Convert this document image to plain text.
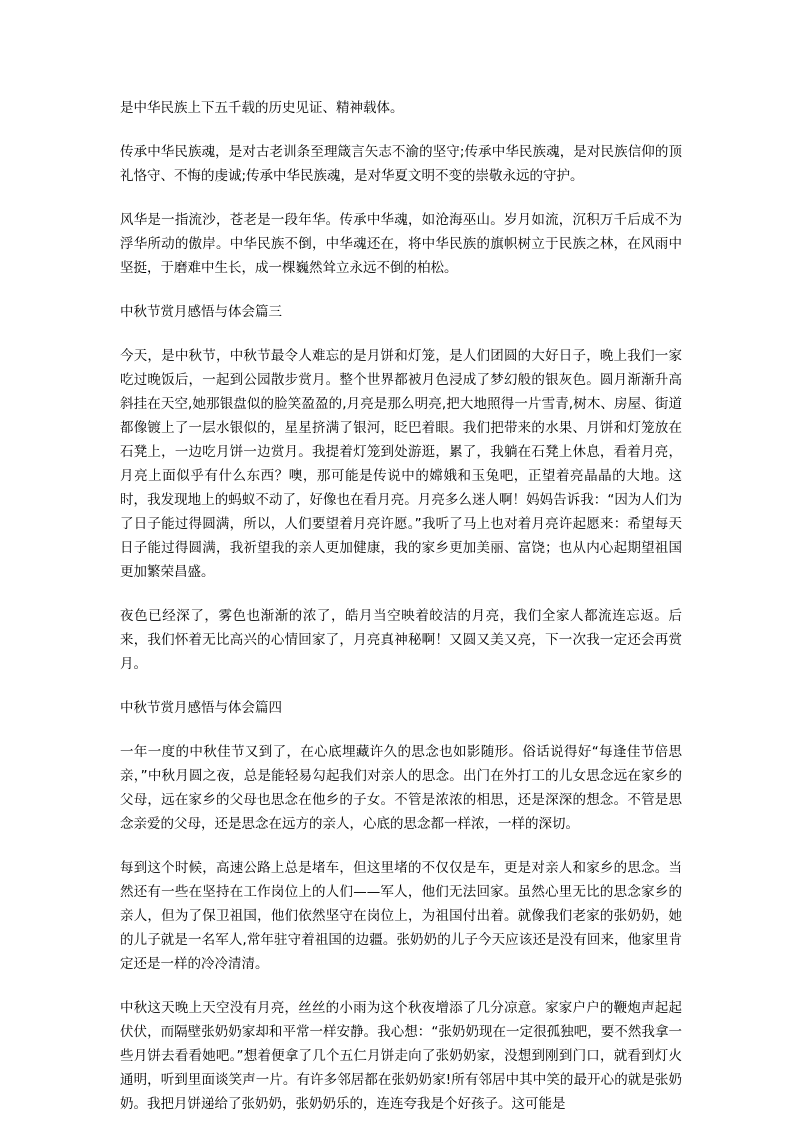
是中华民族上下五千载的历史见证、精神载体。

传承中华民族魂，是对古老训条至理箴言矢志不渝的坚守;传承中华民族魂，是对民族信仰的顶礼恪守、不悔的虔诚;传承中华民族魂，是对华夏文明不变的崇敬永远的守护。

风华是一指流沙，苍老是一段年华。传承中华魂，如沧海巫山。岁月如流，沉积万千后成不为浮华所动的傲岸。中华民族不倒，中华魂还在，将中华民族的旗帜树立于民族之林，在风雨中坚挺，于磨难中生长，成一棵巍然耸立永远不倒的柏松。

中秋节赏月感悟与体会篇三

今天，是中秋节，中秋节最令人难忘的是月饼和灯笼，是人们团圆的大好日子，晚上我们一家吃过晚饭后，一起到公园散步赏月。整个世界都被月色浸成了梦幻般的银灰色。圆月渐渐升高斜挂在天空,她那银盘似的脸笑盈盈的,月亮是那么明亮,把大地照得一片雪青,树木、房屋、街道都像镀上了一层水银似的，星星挤满了银河，眨巴着眼。我们把带来的水果、月饼和灯笼放在石凳上，一边吃月饼一边赏月。我提着灯笼到处游逛，累了，我躺在石凳上休息，看着月亮，月亮上面似乎有什么东西？噢，那可能是传说中的嫦娥和玉兔吧，正望着亮晶晶的大地。这时，我发现地上的蚂蚁不动了，好像也在看月亮。月亮多么迷人啊！妈妈告诉我：“因为人们为了日子能过得圆满，所以，人们要望着月亮许愿。”我听了马上也对着月亮许起愿来：希望每天日子能过得圆满，我祈望我的亲人更加健康，我的家乡更加美丽、富饶；也从内心起期望祖国更加繁荣昌盛。

夜色已经深了，雾色也渐渐的浓了，皓月当空映着皎洁的月亮，我们全家人都流连忘返。后来，我们怀着无比高兴的心情回家了，月亮真神秘啊！又圆又美又亮，下一次我一定还会再赏月。

中秋节赏月感悟与体会篇四

一年一度的中秋佳节又到了，在心底埋藏许久的思念也如影随形。俗话说得好“每逢佳节倍思亲，”中秋月圆之夜，总是能轻易勾起我们对亲人的思念。出门在外打工的儿女思念远在家乡的父母，远在家乡的父母也思念在他乡的子女。不管是浓浓的相思，还是深深的想念。不管是思念亲爱的父母，还是思念在远方的亲人，心底的思念都一样浓，一样的深切。

每到这个时候，高速公路上总是堵车，但这里堵的不仅仅是车，更是对亲人和家乡的思念。当然还有一些在坚持在工作岗位上的人们——军人，他们无法回家。虽然心里无比的思念家乡的亲人，但为了保卫祖国，他们依然坚守在岗位上，为祖国付出着。就像我们老家的张奶奶，她的儿子就是一名军人,常年驻守着祖国的边疆。张奶奶的儿子今天应该还是没有回来，他家里肯定还是一样的冷冷清清。

中秋这天晚上天空没有月亮，丝丝的小雨为这个秋夜增添了几分凉意。家家户户的鞭炮声起起伏伏，而隔壁张奶奶家却和平常一样安静。我心想：“张奶奶现在一定很孤独吧，要不然我拿一些月饼去看看她吧。”想着便拿了几个五仁月饼走向了张奶奶家，没想到刚到门口，就看到灯火通明，听到里面谈笑声一片。有许多邻居都在张奶奶家!所有邻居中其中笑的最开心的就是张奶奶。我把月饼递给了张奶奶，张奶奶乐的，连连夸我是个好孩子。这可能是
